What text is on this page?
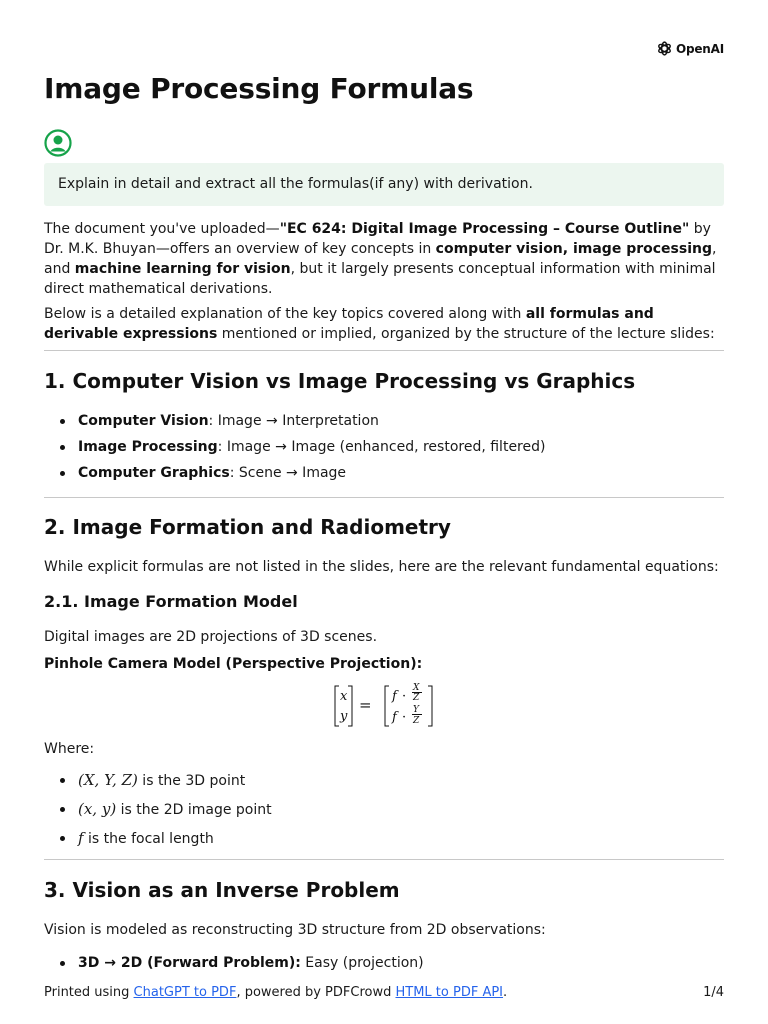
OpenAI
Image Processing Formulas
Explain in detail and extract all the formulas(if any) with derivation.

The document you've uploaded—"EC 624: Digital Image Processing – Course Outline" by Dr. M.K. Bhuyan—offers an overview of key concepts in computer vision, image processing, and machine learning for vision, but it largely presents conceptual information with minimal direct mathematical derivations.

Below is a detailed explanation of the key topics covered along with all formulas and derivable expressions mentioned or implied, organized by the structure of the lecture slides:

1. Computer Vision vs Image Processing vs Graphics
Computer Vision: Image → Interpretation
Image Processing: Image → Image (enhanced, restored, filtered)
Computer Graphics: Scene → Image
2. Image Formation and Radiometry

While explicit formulas are not listed in the slides, here are the relevant fundamental equations:

2.1. Image Formation Model

Digital images are 2D projections of 3D scenes.

Pinhole Camera Model (Perspective Projection):

x
y
f
f
X
Z
Y
Z
·
·
=

Where:

(X, Y, Z) is the 3D point
(x, y) is the 2D image point
f is the focal length
3. Vision as an Inverse Problem

Vision is modeled as reconstructing 3D structure from 2D observations:

3D → 2D (Forward Problem): Easy (projection)
Printed using ChatGPT to PDF, powered by PDFCrowd HTML to PDF API.	1/4
